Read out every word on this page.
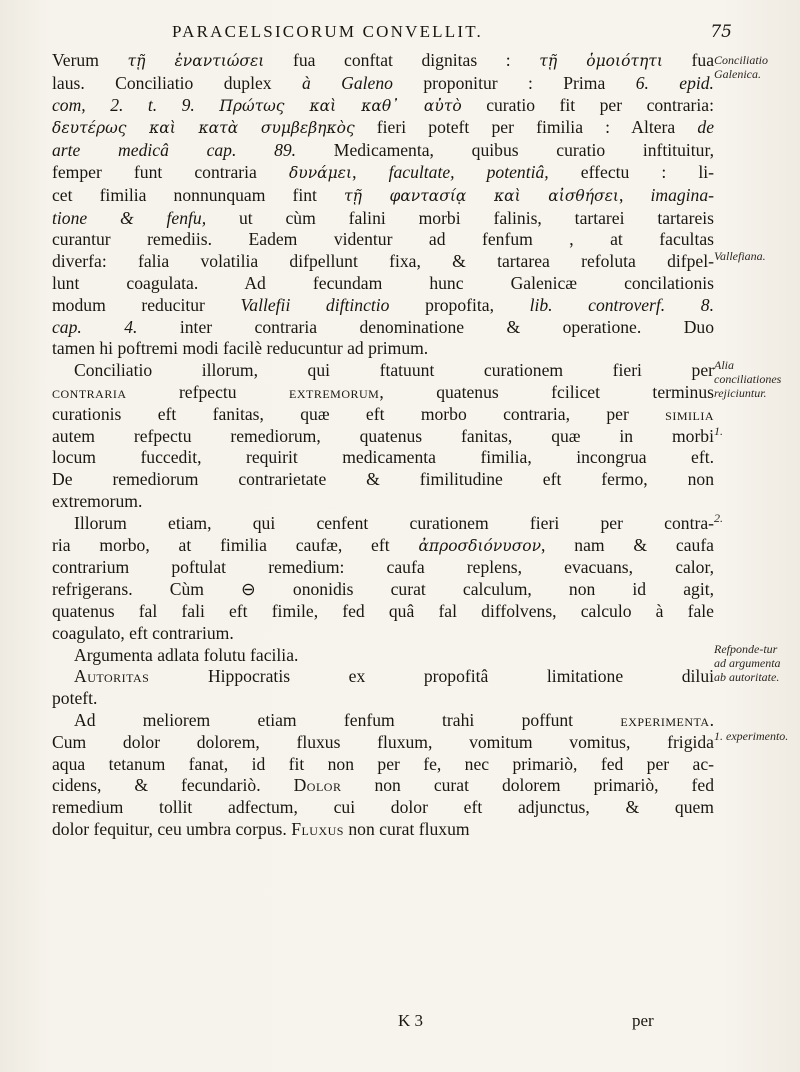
PARACELSICORUM CONVELLIT.	75
Verum τῇ ἐναντιώσει fua conftat dignitas : τῇ ὁμοιότητι fua
laus. Conciliatio duplex à Galeno proponitur : Prima 6. epid.
com, 2. t. 9. Πρώτως καὶ καθ᾽ αὐτὸ curatio fit per contraria:
δευτέρως καὶ κατὰ συμβεβηκὸς fieri poteft per fimilia : Altera de
arte medicâ cap. 89. Medicamenta, quibus curatio inftituitur,
femper funt contraria δυνάμει, facultate, potentiâ, effectu : li-
cet fimilia nonnunquam fint τῇ φαντασίᾳ καὶ αἰσθήσει, imagina-
tione & fenfu, ut cùm falini morbi falinis, tartarei tartareis
curantur remediis. Eadem videntur ad fenfum , at facultas
diverfa: falia volatilia difpellunt fixa, & tartarea refoluta difpel-
lunt coagulata. Ad fecundam hunc Galenicæ concilationis
modum reducitur Vallefii diftinctio propofita, lib. controverf. 8.
cap. 4. inter contraria denominatione & operatione. Duo
tamen hi poftremi modi facilè reducuntur ad primum.
Conciliatio illorum, qui ftatuunt curationem fieri per
contraria refpectu extremorum, quatenus fcilicet terminus
curationis eft fanitas, quæ eft morbo contraria, per similia
autem refpectu remediorum, quatenus fanitas, quæ in morbi
locum fuccedit, requirit medicamenta fimilia, incongrua eft.
De remediorum contrarietate & fimilitudine eft fermo, non
extremorum.
Illorum etiam, qui cenfent curationem fieri per contra-
ria morbo, at fimilia caufæ, eft ἀπροσδιόνυσον, nam & caufa
contrarium poftulat remedium: caufa replens, evacuans, calor,
refrigerans. Cùm ⊖ ononidis curat calculum, non id agit,
quatenus fal fali eft fimile, fed quâ fal diffolvens, calculo à fale
coagulato, eft contrarium.
Argumenta adlata folutu facilia.
Autoritas Hippocratis ex propofitâ limitatione dilui
poteft.
Ad meliorem etiam fenfum trahi poffunt experimenta.
Cum dolor dolorem, fluxus fluxum, vomitum vomitus, frigida
aqua tetanum fanat, id fit non per fe, nec primariò, fed per ac-
cidens, & fecundariò. Dolor non curat dolorem primariò, fed
remedium tollit adfectum, cui dolor eft adjunctus, & quem
dolor fequitur, ceu umbra corpus. Fluxus non curat fluxum
Conciliatio Galenica.
Vallefiana.
Alia conciliationes rejiciuntur.
1.
2.
Refponde-tur ad argumenta ab autoritate.
1. experimento.
K 3	per
